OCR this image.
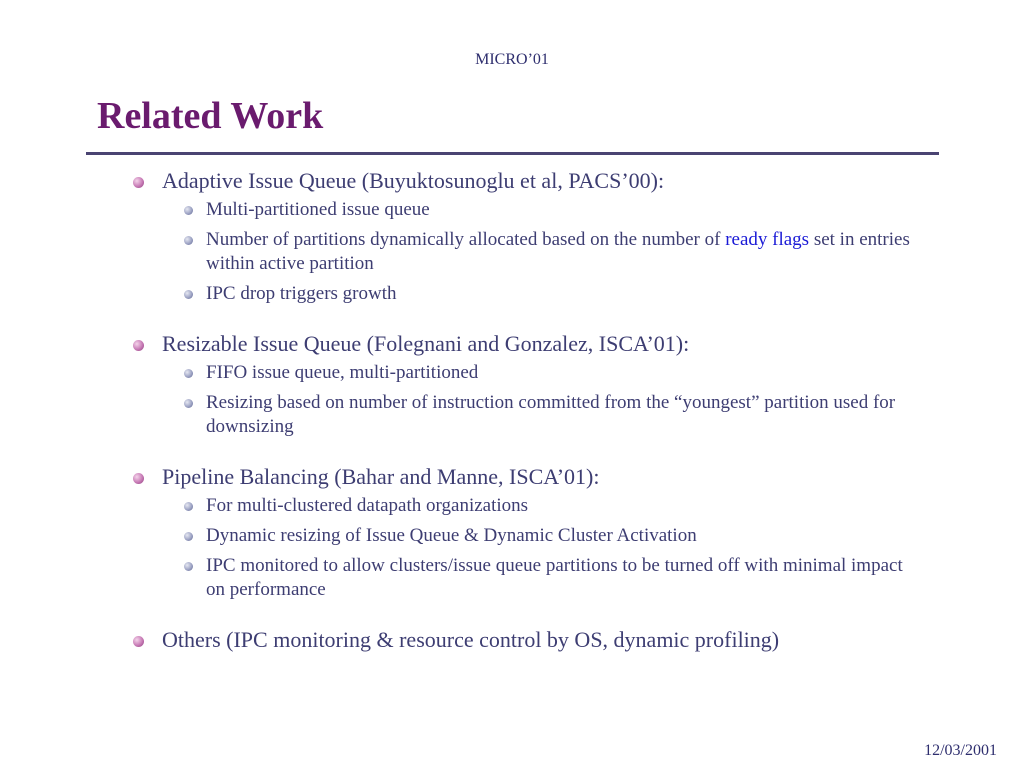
MICRO’01
Related Work
Adaptive Issue Queue (Buyuktosunoglu et al, PACS’00):
Multi-partitioned issue queue
Number of partitions dynamically allocated based on the number of ready flags set in entries within active partition
IPC drop triggers growth
Resizable Issue Queue (Folegnani and Gonzalez, ISCA’01):
FIFO issue queue, multi-partitioned
Resizing based on number of instruction committed from the “youngest” partition used for downsizing
Pipeline Balancing (Bahar and Manne, ISCA’01):
For multi-clustered datapath organizations
Dynamic resizing of Issue Queue & Dynamic Cluster Activation
IPC monitored to allow clusters/issue queue partitions to be turned off with minimal impact on performance
Others (IPC monitoring & resource control by OS, dynamic profiling)
12/03/2001
